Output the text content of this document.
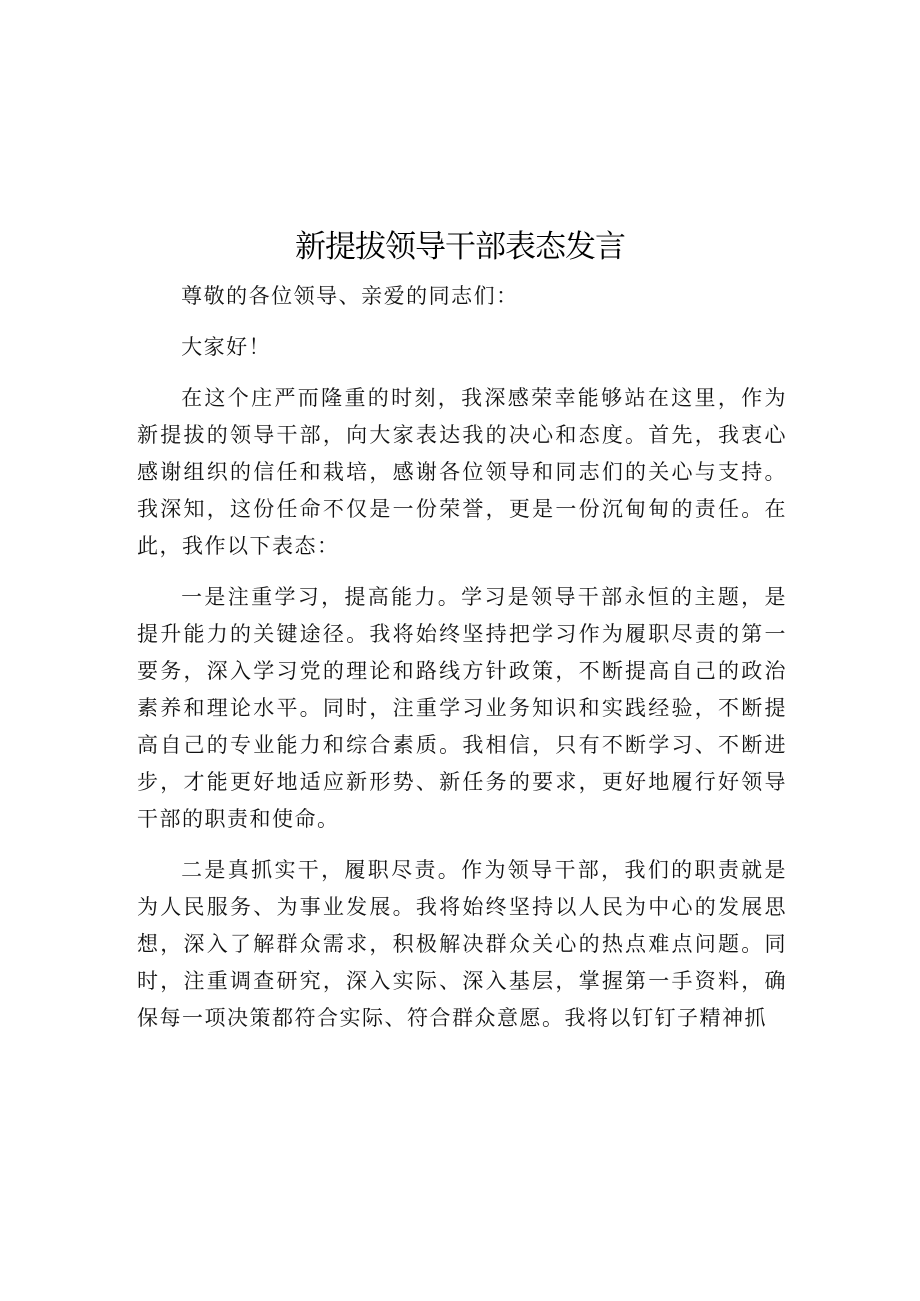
新提拔领导干部表态发言

尊敬的各位领导、亲爱的同志们：

大家好！

在这个庄严而隆重的时刻，我深感荣幸能够站在这里，作为新提拔的领导干部，向大家表达我的决心和态度。首先，我衷心感谢组织的信任和栽培，感谢各位领导和同志们的关心与支持。我深知，这份任命不仅是一份荣誉，更是一份沉甸甸的责任。在此，我作以下表态：

一是注重学习，提高能力。学习是领导干部永恒的主题，是提升能力的关键途径。我将始终坚持把学习作为履职尽责的第一要务，深入学习党的理论和路线方针政策，不断提高自己的政治素养和理论水平。同时，注重学习业务知识和实践经验，不断提高自己的专业能力和综合素质。我相信，只有不断学习、不断进步，才能更好地适应新形势、新任务的要求，更好地履行好领导干部的职责和使命。

二是真抓实干，履职尽责。作为领导干部，我们的职责就是为人民服务、为事业发展。我将始终坚持以人民为中心的发展思想，深入了解群众需求，积极解决群众关心的热点难点问题。同时，注重调查研究，深入实际、深入基层，掌握第一手资料，确保每一项决策都符合实际、符合群众意愿。我将以钉钉子精神抓
